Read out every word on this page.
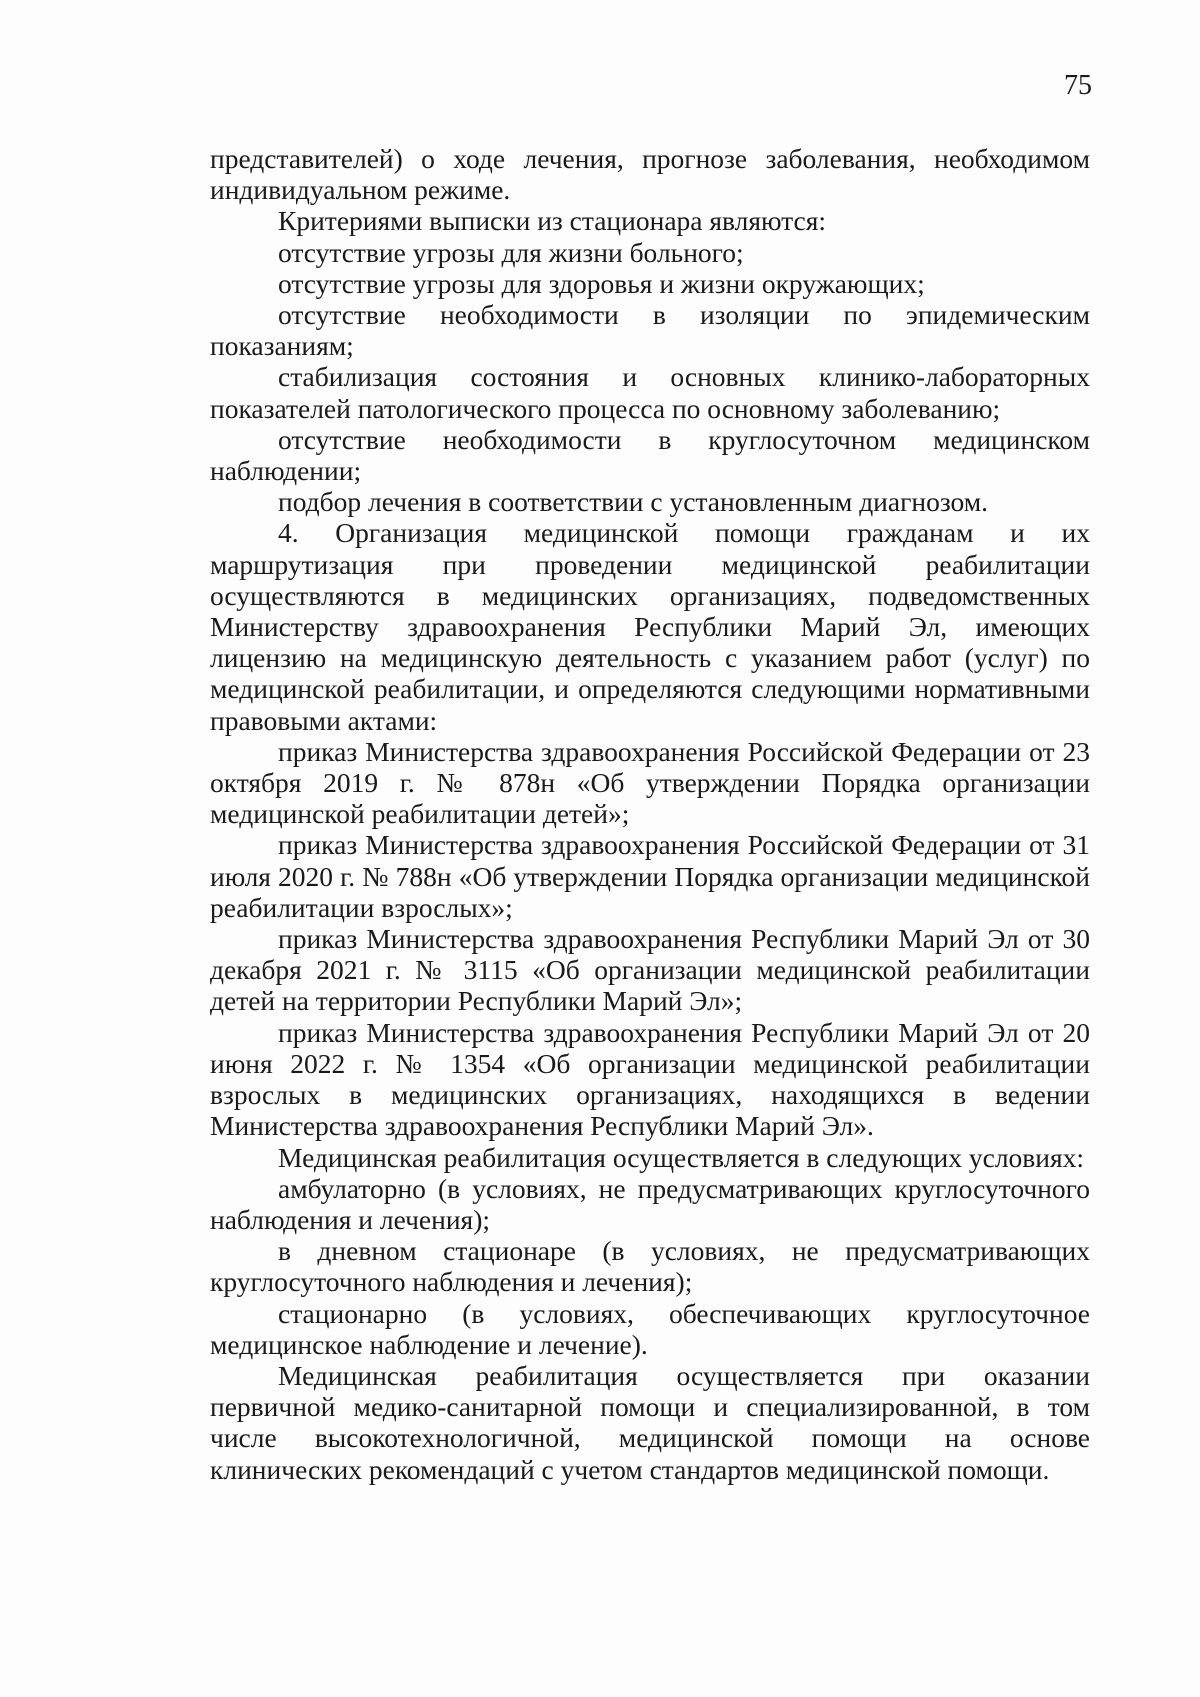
75

представителей) о ходе лечения, прогнозе заболевания, необходимом индивидуальном режиме.

Критериями выписки из стационара являются:

отсутствие угрозы для жизни больного;

отсутствие угрозы для здоровья и жизни окружающих;

отсутствие необходимости в изоляции по эпидемическим показаниям;

стабилизация состояния и основных клинико-лабораторных показателей патологического процесса по основному заболеванию;

отсутствие необходимости в круглосуточном медицинском наблюдении;

подбор лечения в соответствии с установленным диагнозом.

4. Организация медицинской помощи гражданам и их маршрутизация при проведении медицинской реабилитации осуществляются в медицинских организациях, подведомственных Министерству здравоохранения Республики Марий Эл, имеющих лицензию на медицинскую деятельность с указанием работ (услуг) по медицинской реабилитации, и определяются следующими нормативными правовыми актами:

приказ Министерства здравоохранения Российской Федерации от 23 октября 2019 г. № 878н «Об утверждении Порядка организации медицинской реабилитации детей»;

приказ Министерства здравоохранения Российской Федерации от 31 июля 2020 г. № 788н «Об утверждении Порядка организации медицинской реабилитации взрослых»;

приказ Министерства здравоохранения Республики Марий Эл от 30 декабря 2021 г. № 3115 «Об организации медицинской реабилитации детей на территории Республики Марий Эл»;

приказ Министерства здравоохранения Республики Марий Эл от 20 июня 2022 г. № 1354 «Об организации медицинской реабилитации взрослых в медицинских организациях, находящихся в ведении Министерства здравоохранения Республики Марий Эл».

Медицинская реабилитация осуществляется в следующих условиях:

амбулаторно (в условиях, не предусматривающих круглосуточного наблюдения и лечения);

в дневном стационаре (в условиях, не предусматривающих круглосуточного наблюдения и лечения);

стационарно (в условиях, обеспечивающих круглосуточное медицинское наблюдение и лечение).

Медицинская реабилитация осуществляется при оказании первичной медико-санитарной помощи и специализированной, в том числе высокотехнологичной, медицинской помощи на основе клинических рекомендаций с учетом стандартов медицинской помощи.
